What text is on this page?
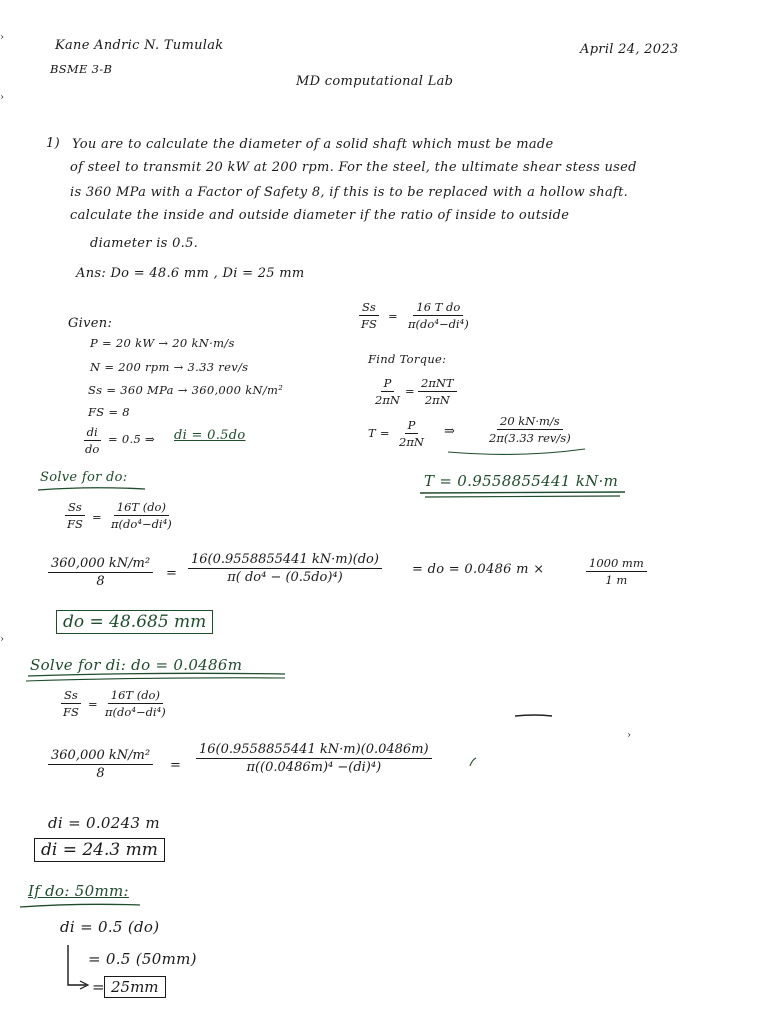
›
›
›
›
Kane Andric N. Tumulak
BSME 3-B
April 24, 2023
MD computational Lab
1) You are to calculate the diameter of a solid shaft which must be made
of steel to transmit 20 kW at 200 rpm. For the steel, the ultimate shear stess used
is 360 MPa with a Factor of Safety 8, if this is to be replaced with a hollow shaft.
calculate the inside and outside diameter if the ratio of inside to outside
diameter is 0.5.
Ans: Do = 48.6 mm , Di = 25 mm
Given:
P = 20 kW → 20 kN·m/s
N = 200 rpm → 3.33 rev/s
Ss = 360 MPa → 360,000 kN/m²
FS = 8
$\frac{di}{do} = 0.5$ ⇒ di = 0.5do
$\frac{Ss}{FS} = \frac{\text{16 T do}}{\text{π(do⁴−di⁴)}}$
Find Torque:
$\frac{P}{2\pi N}$ =
2πNT
2πN
$T = \frac{P}{2\pi N}$ ⇒
20 kN·m/s
2π(3.33 rev/s)
T = 0.9558855441 kN·m
Solve for do:
$\frac{Ss}{FS} = \frac{16T (do)}{\text{π(do⁴−di⁴)}}$
$\frac{\text{360,000 kN/m²}}{8} = \frac{16(0.9558855441 kN\cdot m)(do)}{\text{π( do⁴ − (0.5do)⁴)}}$ = do = 0.0486 m ×	$\frac{1000 mm}{1 m}$
do = 48.685 mm
Solve for di: do = 0.0486m
$\frac{Ss}{FS} = \frac{16T (do)}{\text{π(do⁴−di⁴)}}$
$\frac{\text{360,000 kN/m²}}{8} = \frac{16(0.9558855441 kN\cdot m)(0.0486m)}{\text{π((0.0486m)⁴ −(di)⁴)}}$
di = 0.0243 m
di = 24.3 mm
If do: 50mm:
di = 0.5 (do)
= 0.5 (50mm)
= 25mm
